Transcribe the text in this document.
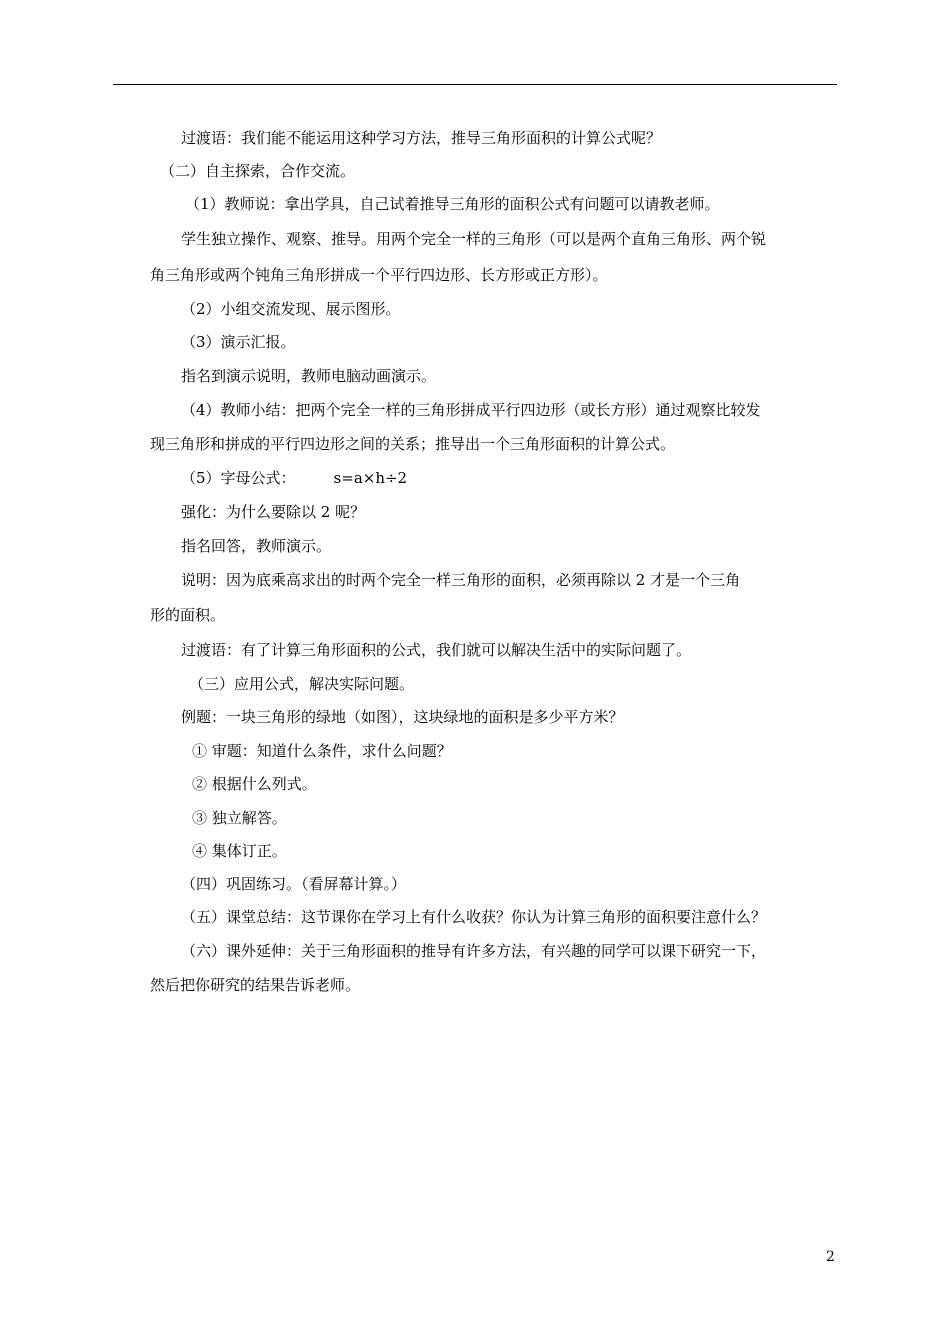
过渡语：我们能不能运用这种学习方法，推导三角形面积的计算公式呢？
（二）自主探索，合作交流。
（1）教师说：拿出学具，自己试着推导三角形的面积公式有问题可以请教老师。
学生独立操作、观察、推导。用两个完全一样的三角形（可以是两个直角三角形、两个锐
角三角形或两个钝角三角形拼成一个平行四边形、长方形或正方形）。
（2）小组交流发现、展示图形。
（3）演示汇报。
指名到演示说明，教师电脑动画演示。
（4）教师小结：把两个完全一样的三角形拼成平行四边形（或长方形）通过观察比较发
现三角形和拼成的平行四边形之间的关系；推导出一个三角形面积的计算公式。
（5）字母公式：	s=a×h÷2
强化：为什么要除以 2 呢？
指名回答，教师演示。
说明：因为底乘高求出的时两个完全一样三角形的面积，必须再除以 2 才是一个三角
形的面积。
过渡语：有了计算三角形面积的公式，我们就可以解决生活中的实际问题了。
（三）应用公式，解决实际问题。
例题：一块三角形的绿地（如图），这块绿地的面积是多少平方米？
① 审题：知道什么条件，求什么问题？
② 根据什么列式。
③ 独立解答。
④ 集体订正。
（四）巩固练习。（看屏幕计算。）
（五）课堂总结：这节课你在学习上有什么收获？你认为计算三角形的面积要注意什么？
（六）课外延伸：关于三角形面积的推导有许多方法，有兴趣的同学可以课下研究一下，
然后把你研究的结果告诉老师。
2
